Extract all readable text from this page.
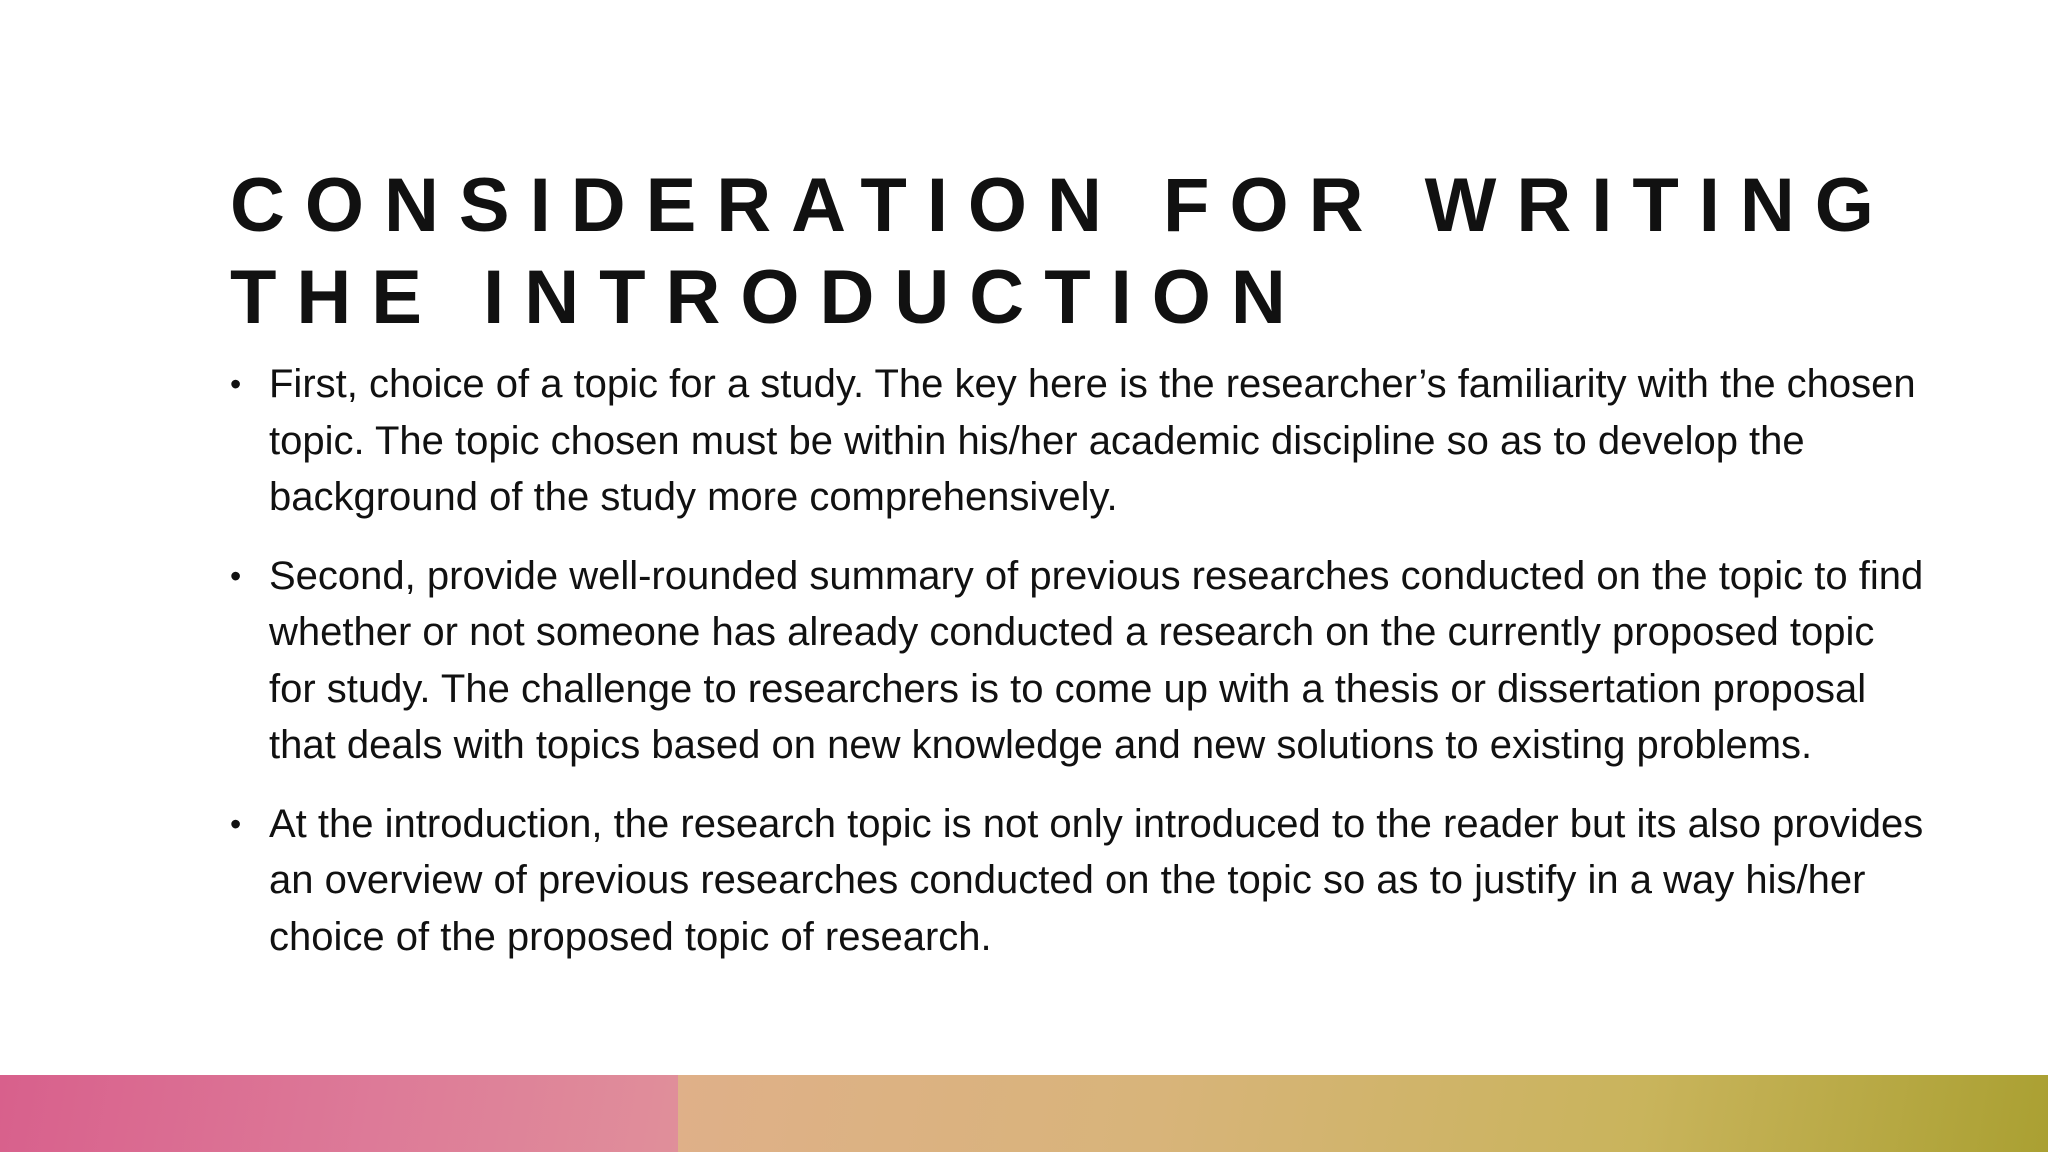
CONSIDERATION FOR WRITING
THE INTRODUCTION
• First, choice of a topic for a study. The key here is the researcher’s familiarity with the chosen topic. The topic chosen must be within his/her academic discipline so as to develop the background of the study more comprehensively.
• Second, provide well-rounded summary of previous researches conducted on the topic to find whether or not someone has already conducted a research on the currently proposed topic for study. The challenge to researchers is to come up with a thesis or dissertation proposal that deals with topics based on new knowledge and new solutions to existing problems.
• At the introduction, the research topic is not only introduced to the reader but its also provides an overview of previous researches conducted on the topic so as to justify in a way his/her choice of the proposed topic of research.
